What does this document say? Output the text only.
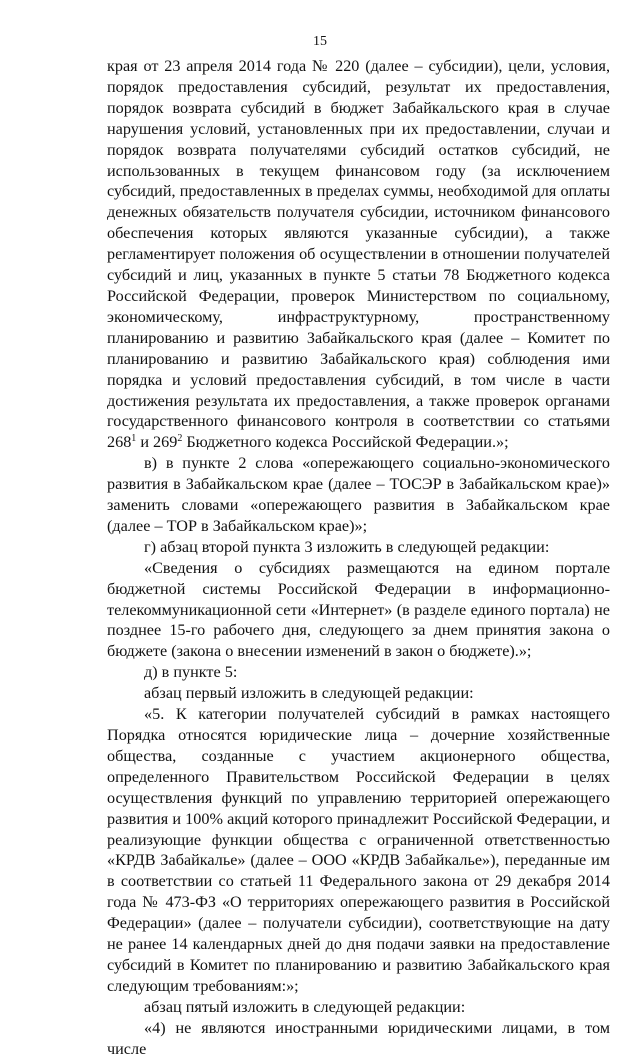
15

края от 23 апреля 2014 года № 220 (далее – субсидии), цели, условия, порядок предоставления субсидий, результат их предоставления, порядок возврата субсидий в бюджет Забайкальского края в случае нарушения условий, установленных при их предоставлении, случаи и порядок возврата получателями субсидий остатков субсидий, не использованных в текущем финансовом году (за исключением субсидий, предоставленных в пределах суммы, необходимой для оплаты денежных обязательств получателя субсидии, источником финансового обеспечения которых являются указанные субсидии), а также регламентирует положения об осуществлении в отношении получателей субсидий и лиц, указанных в пункте 5 статьи 78 Бюджетного кодекса Российской Федерации, проверок Министерством по социальному, экономическому, инфраструктурному, пространственному планированию и развитию Забайкальского края (далее – Комитет по планированию и развитию Забайкальского края) соблюдения ими порядка и условий предоставления субсидий, в том числе в части достижения результата их предоставления, а также проверок органами государственного финансового контроля в соответствии со статьями $268^1$ и $269^2$ Бюджетного кодекса Российской Федерации.»;

в) в пункте 2 слова «опережающего социально-экономического развития в Забайкальском крае (далее – ТОСЭР в Забайкальском крае)» заменить словами «опережающего развития в Забайкальском крае (далее – ТОР в Забайкальском крае)»;

г) абзац второй пункта 3 изложить в следующей редакции:

«Сведения о субсидиях размещаются на едином портале бюджетной системы Российской Федерации в информационно-телекоммуникационной сети «Интернет» (в разделе единого портала) не позднее 15-го рабочего дня, следующего за днем принятия закона о бюджете (закона о внесении изменений в закон о бюджете).»;

д) в пункте 5:

абзац первый изложить в следующей редакции:

«5. К категории получателей субсидий в рамках настоящего Порядка относятся юридические лица – дочерние хозяйственные общества, созданные с участием акционерного общества, определенного Правительством Российской Федерации в целях осуществления функций по управлению территорией опережающего развития и 100% акций которого принадлежит Российской Федерации, и реализующие функции общества с ограниченной ответственностью «КРДВ Забайкалье» (далее – ООО «КРДВ Забайкалье»), переданные им в соответствии со статьей 11 Федерального закона от 29 декабря 2014 года № 473-ФЗ «О территориях опережающего развития в Российской Федерации» (далее – получатели субсидии), соответствующие на дату не ранее 14 календарных дней до дня подачи заявки на предоставление субсидий в Комитет по планированию и развитию Забайкальского края следующим требованиям:»;

абзац пятый изложить в следующей редакции:

«4) не являются иностранными юридическими лицами, в том числе
